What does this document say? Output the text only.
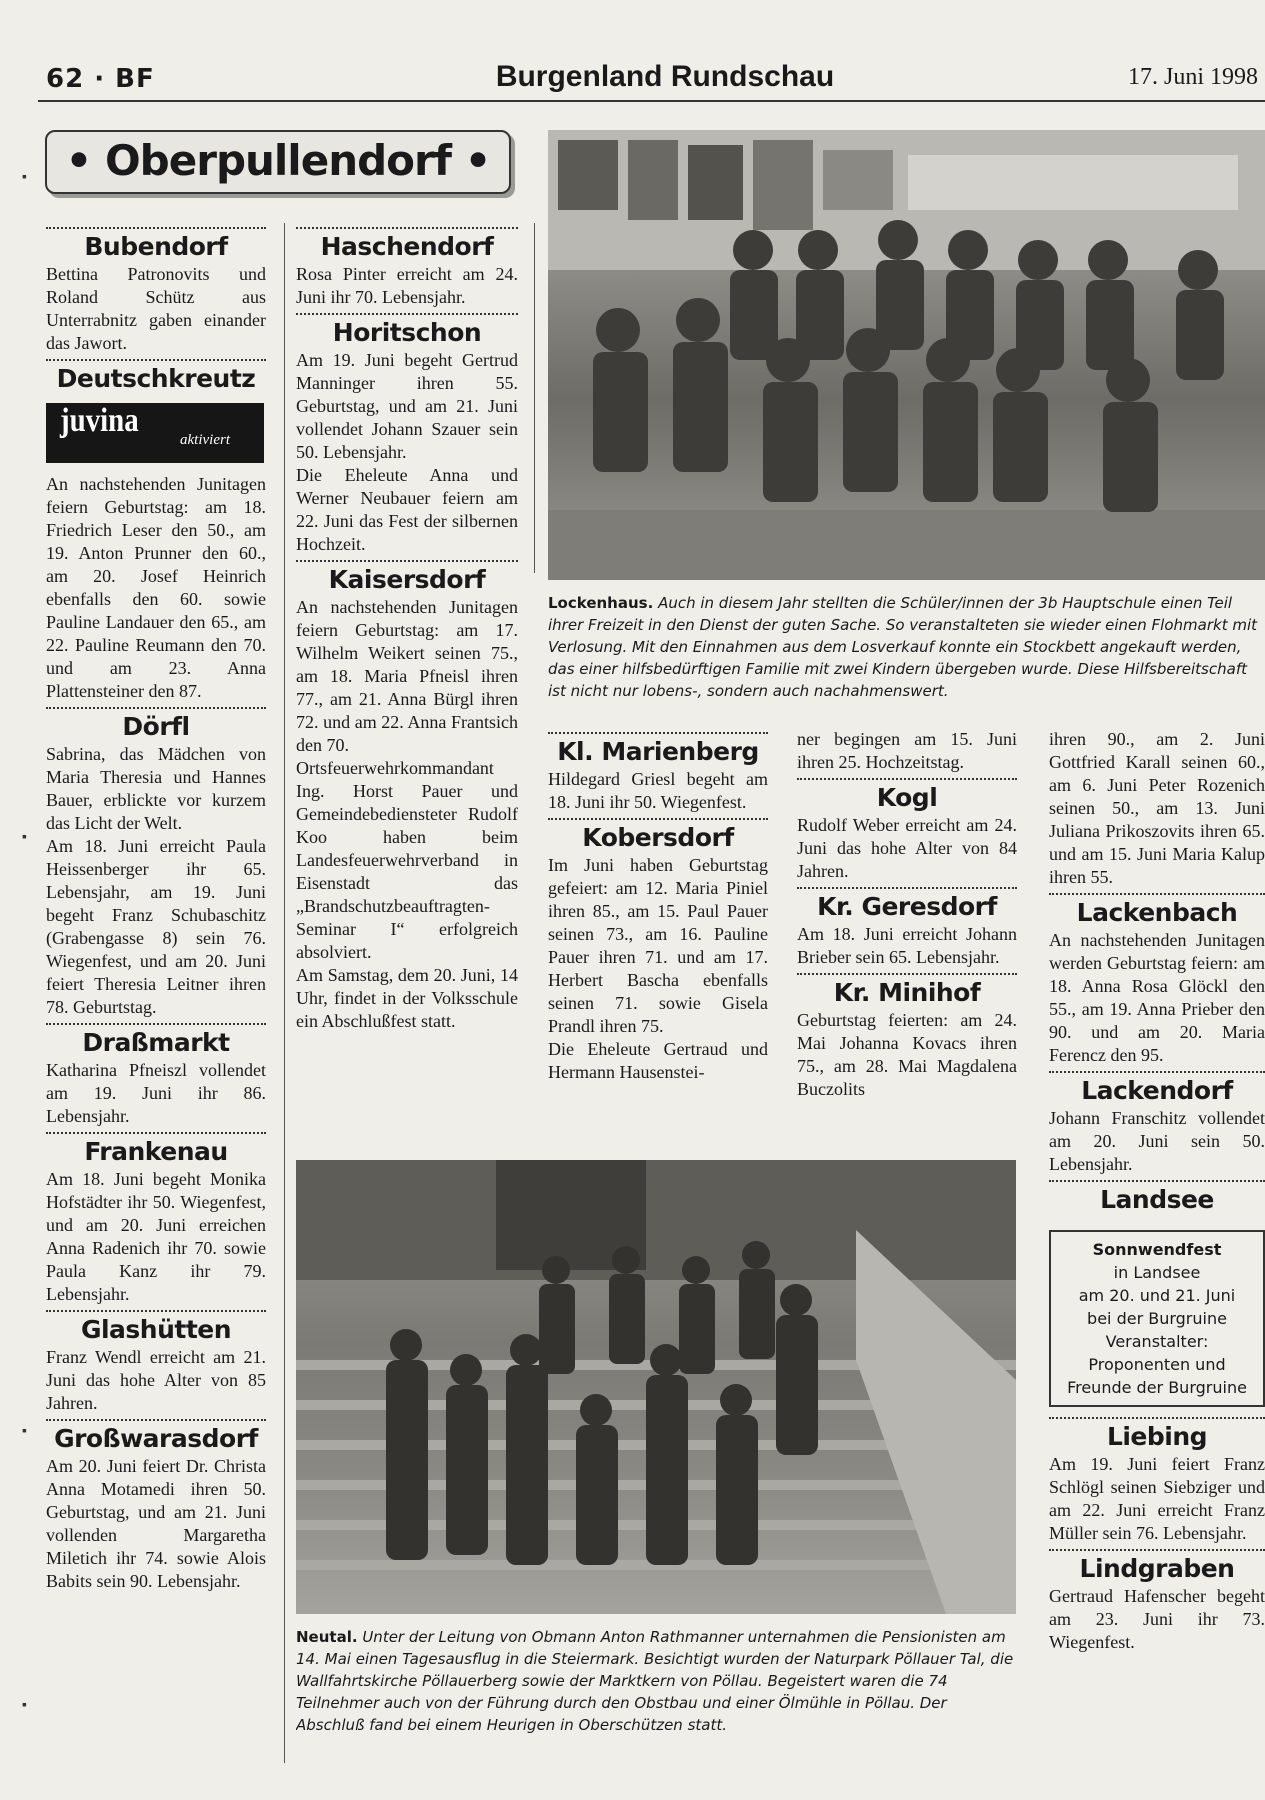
62 · BF	Burgenland Rundschau	17. Juni 1998
• Oberpullendorf •
Bubendorf
Bettina Patronovits und Roland Schütz aus Unterrabnitz gaben einander das Jawort.
Deutschkreutz
juvina
aktiviert
An nachstehenden Junitagen feiern Geburtstag: am 18. Friedrich Leser den 50., am 19. Anton Prunner den 60., am 20. Josef Heinrich ebenfalls den 60. sowie Pauline Landauer den 65., am 22. Pauline Reumann den 70. und am 23. Anna Plattensteiner den 87.
Dörfl

Sabrina, das Mädchen von Maria Theresia und Hannes Bauer, erblickte vor kurzem das Licht der Welt.

Am 18. Juni erreicht Paula Heissenberger ihr 65. Lebensjahr, am 19. Juni begeht Franz Schubaschitz (Grabengasse 8) sein 76. Wiegenfest, und am 20. Juni feiert Theresia Leitner ihren 78. Geburtstag.

Draßmarkt
Katharina Pfneiszl vollendet am 19. Juni ihr 86. Lebensjahr.
Frankenau
Am 18. Juni begeht Monika Hofstädter ihr 50. Wiegenfest, und am 20. Juni erreichen Anna Radenich ihr 70. sowie Paula Kanz ihr 79. Lebensjahr.
Glashütten
Franz Wendl erreicht am 21. Juni das hohe Alter von 85 Jahren.
Großwarasdorf
Am 20. Juni feiert Dr. Christa Anna Motamedi ihren 50. Geburtstag, und am 21. Juni vollenden Margaretha Miletich ihr 74. sowie Alois Babits sein 90. Lebensjahr.
Haschendorf
Rosa Pinter erreicht am 24. Juni ihr 70. Lebensjahr.
Horitschon

Am 19. Juni begeht Gertrud Manninger ihren 55. Geburtstag, und am 21. Juni vollendet Johann Szauer sein 50. Lebensjahr.

Die Eheleute Anna und Werner Neubauer feiern am 22. Juni das Fest der silbernen Hochzeit.

Kaisersdorf

An nachstehenden Junitagen feiern Geburtstag: am 17. Wilhelm Weikert seinen 75., am 18. Maria Pfneisl ihren 77., am 21. Anna Bürgl ihren 72. und am 22. Anna Frantsich den 70.

Ortsfeuerwehrkommandant Ing. Horst Pauer und Gemeindebediensteter Rudolf Koo haben beim Landesfeuerwehrverband in Eisenstadt das „Brandschutzbeauftragten-Seminar I“ erfolgreich absolviert.

Am Samstag, dem 20. Juni, 14 Uhr, findet in der Volksschule ein Abschlußfest statt.

Lockenhaus. Auch in diesem Jahr stellten die Schüler/innen der 3b Hauptschule einen Teil ihrer Freizeit in den Dienst der guten Sache. So veranstalteten sie wieder einen Flohmarkt mit Verlosung. Mit den Einnahmen aus dem Losverkauf konnte ein Stockbett angekauft werden, das einer hilfsbedürftigen Familie mit zwei Kindern übergeben wurde. Diese Hilfsbereitschaft ist nicht nur lobens-, sondern auch nachahmenswert.
Kl. Marienberg
Hildegard Griesl begeht am 18. Juni ihr 50. Wiegenfest.
Kobersdorf

Im Juni haben Geburtstag gefeiert: am 12. Maria Piniel ihren 85., am 15. Paul Pauer seinen 73., am 16. Pauline Pauer ihren 71. und am 17. Herbert Bascha ebenfalls seinen 71. sowie Gisela Prandl ihren 75.

Die Eheleute Gertraud und Hermann Hausenstei-

ner begingen am 15. Juni ihren 25. Hochzeitstag.
Kogl
Rudolf Weber erreicht am 24. Juni das hohe Alter von 84 Jahren.
Kr. Geresdorf
Am 18. Juni erreicht Johann Brieber sein 65. Lebensjahr.
Kr. Minihof
Geburtstag feierten: am 24. Mai Johanna Kovacs ihren 75., am 28. Mai Magdalena Buczolits
ihren 90., am 2. Juni Gottfried Karall seinen 60., am 6. Juni Peter Rozenich seinen 50., am 13. Juni Juliana Prikoszovits ihren 65. und am 15. Juni Maria Kalup ihren 55.
Lackenbach
An nachstehenden Junitagen werden Geburtstag feiern: am 18. Anna Rosa Glöckl den 55., am 19. Anna Prieber den 90. und am 20. Maria Ferencz den 95.
Lackendorf
Johann Franschitz vollendet am 20. Juni sein 50. Lebensjahr.
Landsee
Sonnwendfest
in Landsee
am 20. und 21. Juni
bei der Burgruine
Veranstalter:
Proponenten und
Freunde der Burgruine
Liebing
Am 19. Juni feiert Franz Schlögl seinen Siebziger und am 22. Juni erreicht Franz Müller sein 76. Lebensjahr.
Lindgraben
Gertraud Hafenscher begeht am 23. Juni ihr 73. Wiegenfest.
Neutal. Unter der Leitung von Obmann Anton Rathmanner unternahmen die Pensionisten am 14. Mai einen Tagesausflug in die Steiermark. Besichtigt wurden der Naturpark Pöllauer Tal, die Wallfahrtskirche Pöllauerberg sowie der Marktkern von Pöllau. Begeistert waren die 74 Teilnehmer auch von der Führung durch den Obstbau und einer Ölmühle in Pöllau. Der Abschluß fand bei einem Heurigen in Oberschützen statt.
▪
▪
▪
▪
